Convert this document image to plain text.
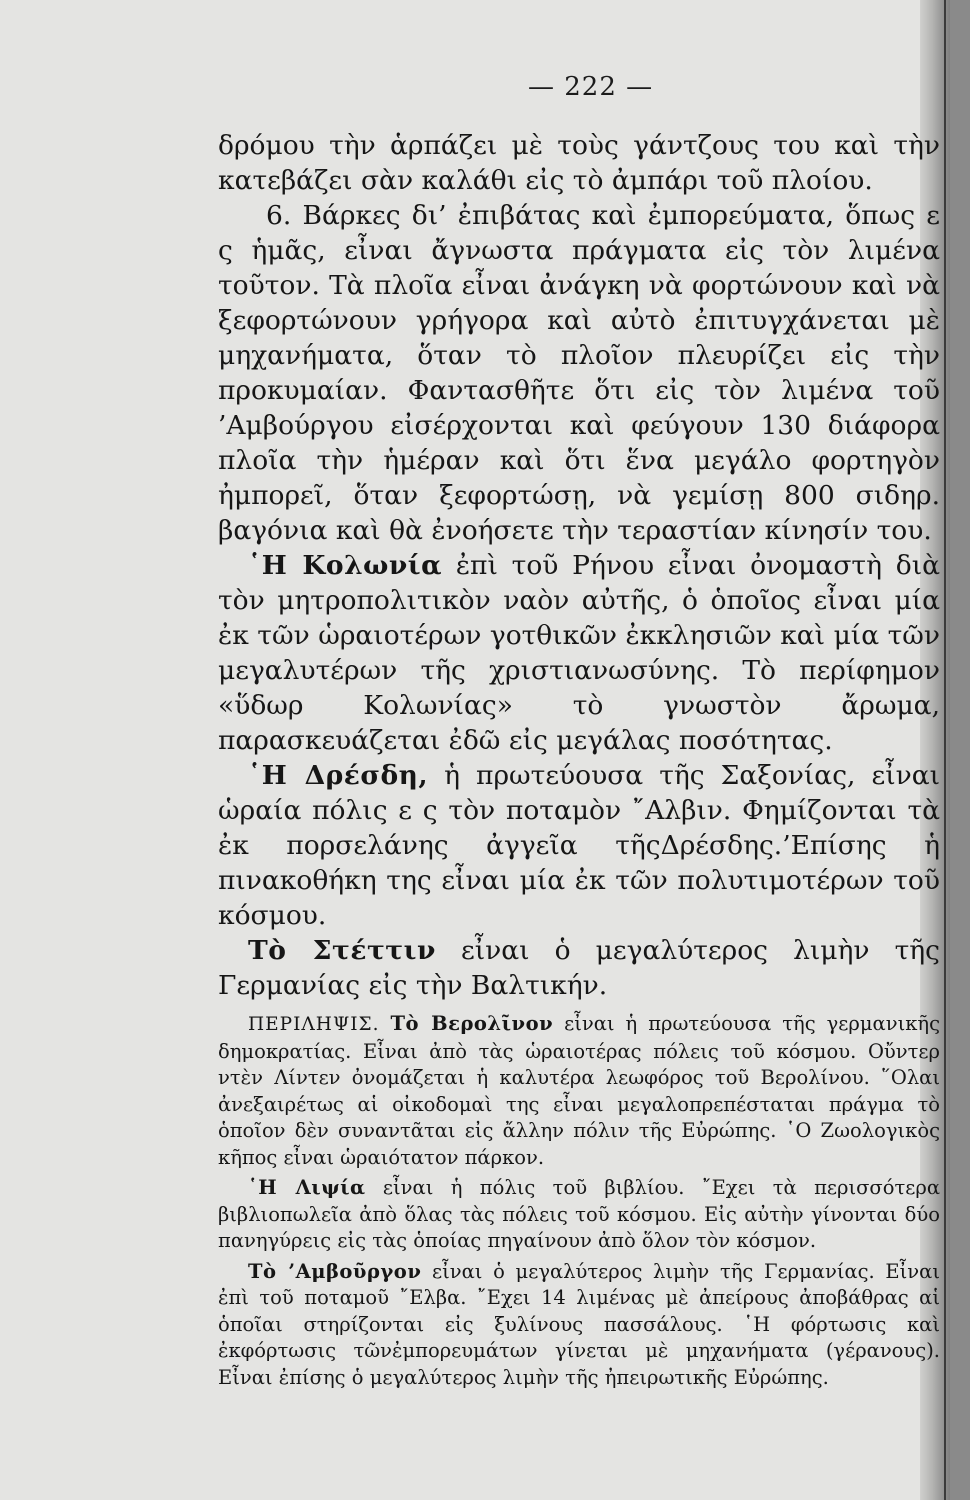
— 222 —

δρόμου τὴν ἁρπάζει μὲ τοὺς γάντζους του καὶ τὴν κατεβάζει σὰν καλάθι εἰς τὸ ἀμπάρι τοῦ πλοίου.

6. Βάρκες δι’ ἐπιβάτας καὶ ἐμπορεύματα, ὅπως ε ς ἡμᾶς, εἶναι ἄγνωστα πράγματα εἰς τὸν λιμένα τοῦτον. Τὰ πλοῖα εἶναι ἀνάγκη νὰ φορτώνουν καὶ νὰ ξεφορτώνουν γρήγορα καὶ αὐτὸ ἐπιτυγχάνεται μὲ μηχανήματα, ὅταν τὸ πλοῖον πλευρίζει εἰς τὴν προκυμαίαν. Φαντασθῆτε ὅτι εἰς τὸν λιμένα τοῦ ’Αμβούργου εἰσέρχονται καὶ φεύγουν 130 διάφορα πλοῖα τὴν ἡμέραν καὶ ὅτι ἕνα μεγάλο φορτηγὸν ἠμπορεῖ, ὅταν ξεφορτώσῃ, νὰ γεμίσῃ 800 σιδηρ. βαγόνια καὶ θὰ ἐνοήσετε τὴν τεραστίαν κίνησίν του.

῾Η Κολωνία ἐπὶ τοῦ Ρήνου εἶναι ὀνομαστὴ διὰ τὸν μητροπολιτικὸν ναὸν αὐτῆς, ὁ ὁποῖος εἶναι μία ἐκ τῶν ὡραιοτέρων γοτθικῶν ἐκκλησιῶν καὶ μία τῶν μεγαλυτέρων τῆς χριστιανωσύνης. Τὸ περίφημον «ὕδωρ Κολωνίας» τὸ γνωστὸν ἄρωμα, παρασκευάζεται ἐδῶ εἰς μεγάλας ποσότητας.

῾Η Δρέσδη, ἡ πρωτεύουσα τῆς Σαξονίας, εἶναι ὡραία πόλις ε ς τὸν ποταμὸν ῎Αλβιν. Φημίζονται τὰ ἐκ πορσελάνης ἀγγεῖα τῆςΔρέσδης.’Επίσης ἡ πινακοθήκη της εἶναι μία ἐκ τῶν πολυτιμοτέρων τοῦ κόσμου.

Τὸ Στέττιν εἶναι ὁ μεγαλύτερος λιμὴν τῆς Γερμανίας εἰς τὴν Βαλτικήν.

ΠΕΡΙΛΗΨΙΣ. Τὸ Βερολῖνον εἶναι ἡ πρωτεύουσα τῆς γερμανικῆς δημοκρατίας. Εἶναι ἀπὸ τὰς ὡραιοτέρας πόλεις τοῦ κόσμου. Οὔντερ ντὲν Λίντεν ὀνομάζεται ἡ καλυτέρα λεωφόρος τοῦ Βερολίνου. ῞Ολαι ἀνεξαιρέτως αἱ οἰκοδομαὶ της εἶναι μεγαλοπρεπέσταται πράγμα τὸ ὁποῖον δὲν συναντᾶται εἰς ἄλλην πόλιν τῆς Εὐρώπης. ῾Ο Ζωολογικὸς κῆπος εἶναι ὡραιότατον πάρκον.

῾Η Λιψία εἶναι ἡ πόλις τοῦ βιβλίου. ῎Εχει τὰ περισσότερα βιβλιοπωλεῖα ἀπὸ ὅλας τὰς πόλεις τοῦ κόσμου. Εἰς αὐτὴν γίνονται δύο πανηγύρεις εἰς τὰς ὁποίας πηγαίνουν ἀπὸ ὅλον τὸν κόσμον.

Τὸ ’Αμβοῦργον εἶναι ὁ μεγαλύτερος λιμὴν τῆς Γερμανίας. Εἶναι ἐπὶ τοῦ ποταμοῦ ῎Ελβα. ῎Εχει 14 λιμένας μὲ ἀπείρους ἀποβάθρας αἱ ὁποῖαι στηρίζονται εἰς ξυλίνους πασσάλους. ῾Η φόρτωσις καὶ ἐκφόρτωσις τῶνἐμπορευμάτων γίνεται μὲ μηχανήματα (γέρανους). Εἶναι ἐπίσης ὁ μεγαλύτερος λιμὴν τῆς ἠπειρωτικῆς Εὐρώπης.
